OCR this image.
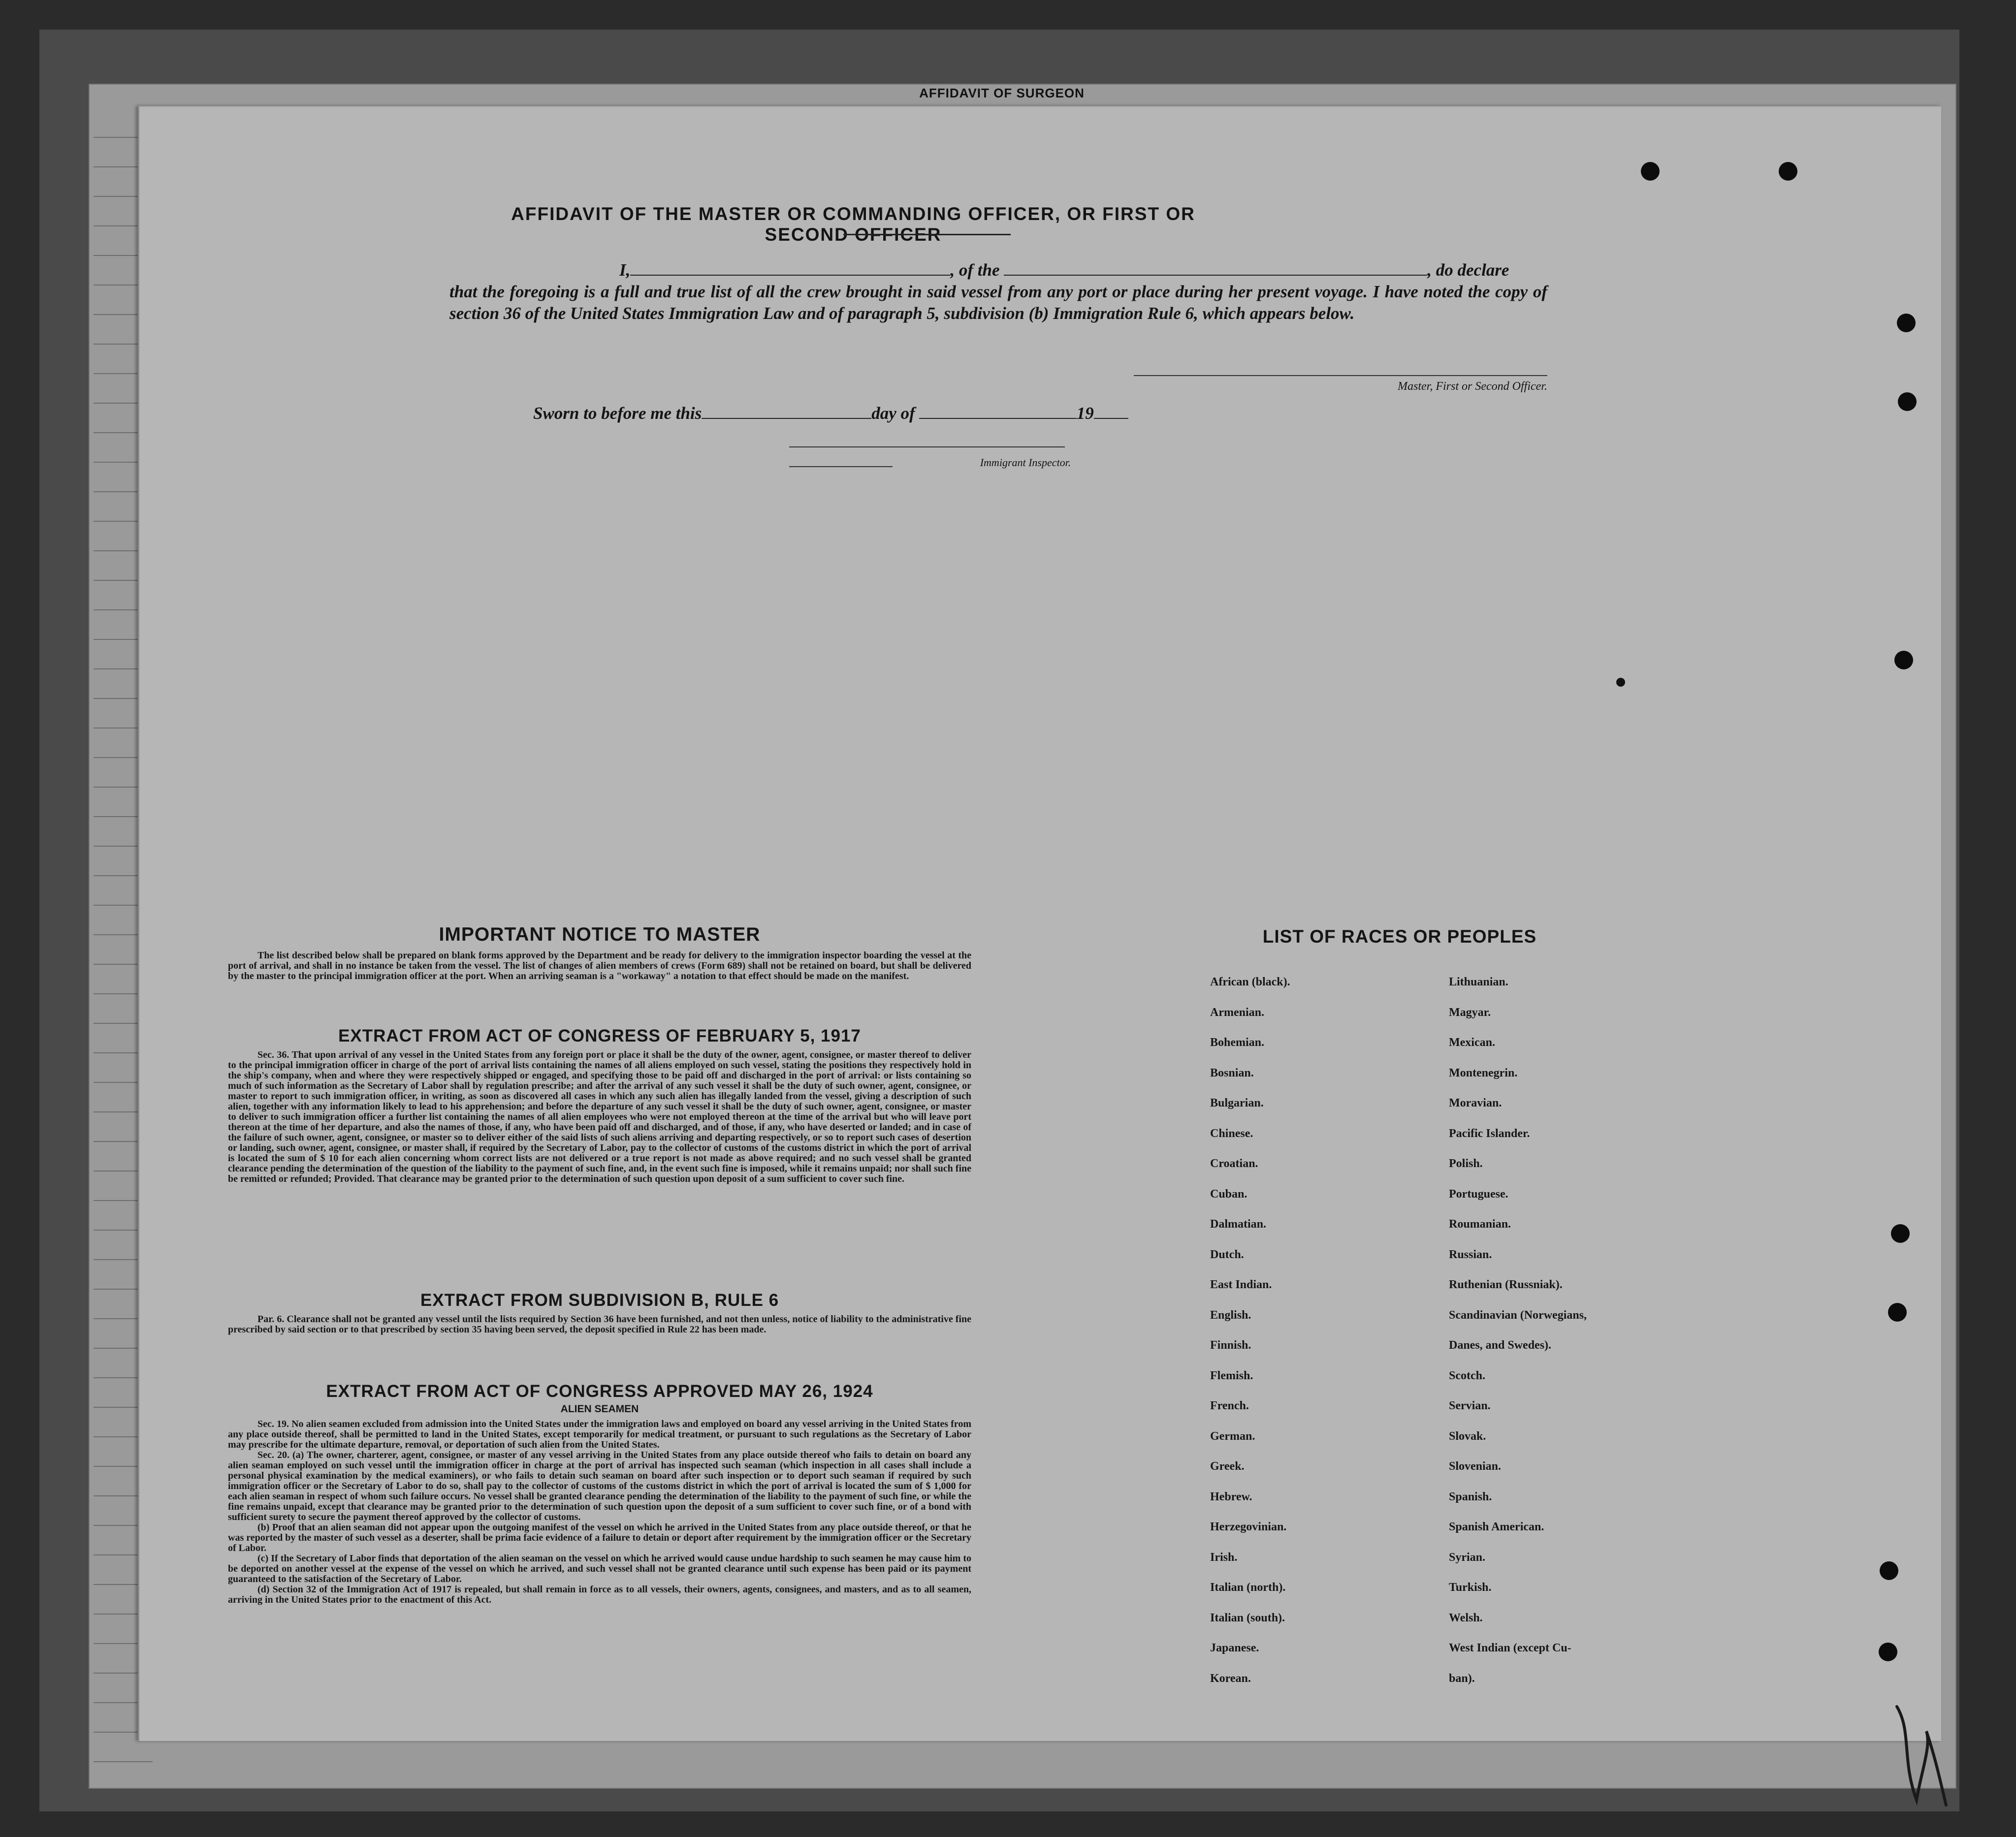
AFFIDAVIT OF SURGEON
AFFIDAVIT OF THE MASTER OR COMMANDING OFFICER, OR FIRST OR SECOND OFFICER

I,	, of the	, do declare

that the foregoing is a full and true list of all the crew brought in said vessel from any port or place during her present voyage. I have noted the copy of section 36 of the United States Immigration Law and of paragraph 5, subdivision (b) Immigration Rule 6, which appears below.

Master, First or Second Officer.
Sworn to before me this	day of	19
Immigrant Inspector.
IMPORTANT NOTICE TO MASTER

The list described below shall be prepared on blank forms approved by the Department and be ready for delivery to the immigration inspector boarding the vessel at the port of arrival, and shall in no instance be taken from the vessel. The list of changes of alien members of crews (Form 689) shall not be retained on board, but shall be delivered by the master to the principal immigration officer at the port. When an arriving seaman is a "workaway" a notation to that effect should be made on the manifest.

EXTRACT FROM ACT OF CONGRESS OF FEBRUARY 5, 1917

Sec. 36. That upon arrival of any vessel in the United States from any foreign port or place it shall be the duty of the owner, agent, consignee, or master thereof to deliver to the principal immigration officer in charge of the port of arrival lists containing the names of all aliens employed on such vessel, stating the positions they respectively hold in the ship's company, when and where they were respectively shipped or engaged, and specifying those to be paid off and discharged in the port of arrival: or lists containing so much of such information as the Secretary of Labor shall by regulation prescribe; and after the arrival of any such vessel it shall be the duty of such owner, agent, consignee, or master to report to such immigration officer, in writing, as soon as discovered all cases in which any such alien has illegally landed from the vessel, giving a description of such alien, together with any information likely to lead to his apprehension; and before the departure of any such vessel it shall be the duty of such owner, agent, consignee, or master to deliver to such immigration officer a further list containing the names of all alien employees who were not employed thereon at the time of the arrival but who will leave port thereon at the time of her departure, and also the names of those, if any, who have been paid off and discharged, and of those, if any, who have deserted or landed; and in case of the failure of such owner, agent, consignee, or master so to deliver either of the said lists of such aliens arriving and departing respectively, or so to report such cases of desertion or landing, such owner, agent, consignee, or master shall, if required by the Secretary of Labor, pay to the collector of customs of the customs district in which the port of arrival is located the sum of $ 10 for each alien concerning whom correct lists are not delivered or a true report is not made as above required; and no such vessel shall be granted clearance pending the determination of the question of the liability to the payment of such fine, and, in the event such fine is imposed, while it remains unpaid; nor shall such fine be remitted or refunded; Provided. That clearance may be granted prior to the determination of such question upon deposit of a sum sufficient to cover such fine.

EXTRACT FROM SUBDIVISION B, RULE 6

Par. 6. Clearance shall not be granted any vessel until the lists required by Section 36 have been furnished, and not then unless, notice of liability to the administrative fine prescribed by said section or to that prescribed by section 35 having been served, the deposit specified in Rule 22 has been made.

EXTRACT FROM ACT OF CONGRESS APPROVED MAY 26, 1924
ALIEN SEAMEN

Sec. 19. No alien seamen excluded from admission into the United States under the immigration laws and employed on board any vessel arriving in the United States from any place outside thereof, shall be permitted to land in the United States, except temporarily for medical treatment, or pursuant to such regulations as the Secretary of Labor may prescribe for the ultimate departure, removal, or deportation of such alien from the United States.

Sec. 20. (a) The owner, charterer, agent, consignee, or master of any vessel arriving in the United States from any place outside thereof who fails to detain on board any alien seaman employed on such vessel until the immigration officer in charge at the port of arrival has inspected such seaman (which inspection in all cases shall include a personal physical examination by the medical examiners), or who fails to detain such seaman on board after such inspection or to deport such seaman if required by such immigration officer or the Secretary of Labor to do so, shall pay to the collector of customs of the customs district in which the port of arrival is located the sum of $ 1,000 for each alien seaman in respect of whom such failure occurs. No vessel shall be granted clearance pending the determination of the liability to the payment of such fine, or while the fine remains unpaid, except that clearance may be granted prior to the determination of such question upon the deposit of a sum sufficient to cover such fine, or of a bond with sufficient surety to secure the payment thereof approved by the collector of customs.

(b) Proof that an alien seaman did not appear upon the outgoing manifest of the vessel on which he arrived in the United States from any place outside thereof, or that he was reported by the master of such vessel as a deserter, shall be prima facie evidence of a failure to detain or deport after requirement by the immigration officer or the Secretary of Labor.

(c) If the Secretary of Labor finds that deportation of the alien seaman on the vessel on which he arrived would cause undue hardship to such seamen he may cause him to be deported on another vessel at the expense of the vessel on which he arrived, and such vessel shall not be granted clearance until such expense has been paid or its payment guaranteed to the satisfaction of the Secretary of Labor.

(d) Section 32 of the Immigration Act of 1917 is repealed, but shall remain in force as to all vessels, their owners, agents, consignees, and masters, and as to all seamen, arriving in the United States prior to the enactment of this Act.

LIST OF RACES OR PEOPLES
African (black).
Armenian.
Bohemian.
Bosnian.
Bulgarian.
Chinese.
Croatian.
Cuban.
Dalmatian.
Dutch.
East Indian.
English.
Finnish.
Flemish.
French.
German.
Greek.
Hebrew.
Herzegovinian.
Irish.
Italian (north).
Italian (south).
Japanese.
Korean.
Lithuanian.
Magyar.
Mexican.
Montenegrin.
Moravian.
Pacific Islander.
Polish.
Portuguese.
Roumanian.
Russian.
Ruthenian (Russniak).
Scandinavian (Norwegians,
Danes, and Swedes).
Scotch.
Servian.
Slovak.
Slovenian.
Spanish.
Spanish American.
Syrian.
Turkish.
Welsh.
West Indian (except Cu-
ban).
